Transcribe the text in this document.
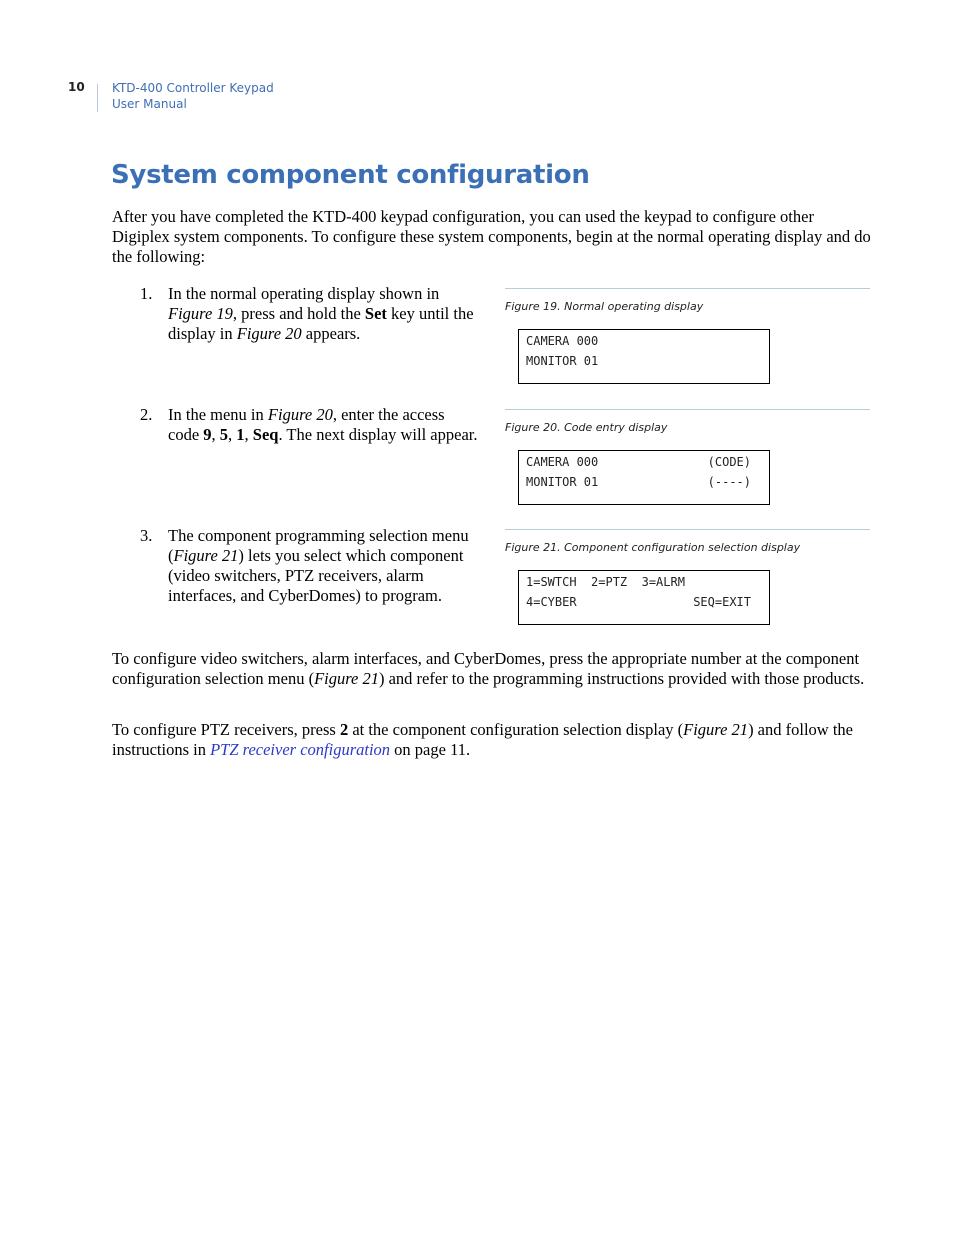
10	KTD-400 Controller Keypad
User Manual
System component configuration

After you have completed the KTD-400 keypad configuration, you can used the keypad to configure other Digiplex system components. To configure these system components, begin at the normal operating display and do the following:

1. In the normal operating display shown in Figure 19, press and hold the Set key until the display in Figure 20 appears.
2. In the menu in Figure 20, enter the access code 9, 5, 1, Seq. The next display will appear.
3. The component programming selection menu (Figure 21) lets you select which component (video switchers, PTZ receivers, alarm interfaces, and CyberDomes) to program.
Figure 19. Normal operating display
CAMERA 000
MONITOR 01
Figure 20. Code entry display
CAMERA 000	(CODE)
MONITOR 01	(----)
Figure 21. Component configuration selection display
1=SWTCH  2=PTZ  3=ALRM
4=CYBER	SEQ=EXIT

To configure video switchers, alarm interfaces, and CyberDomes, press the appropriate number at the component configuration selection menu (Figure 21) and refer to the programming instructions provided with those products.

To configure PTZ receivers, press 2 at the component configuration selection display (Figure 21) and follow the instructions in PTZ receiver configuration on page 11.
